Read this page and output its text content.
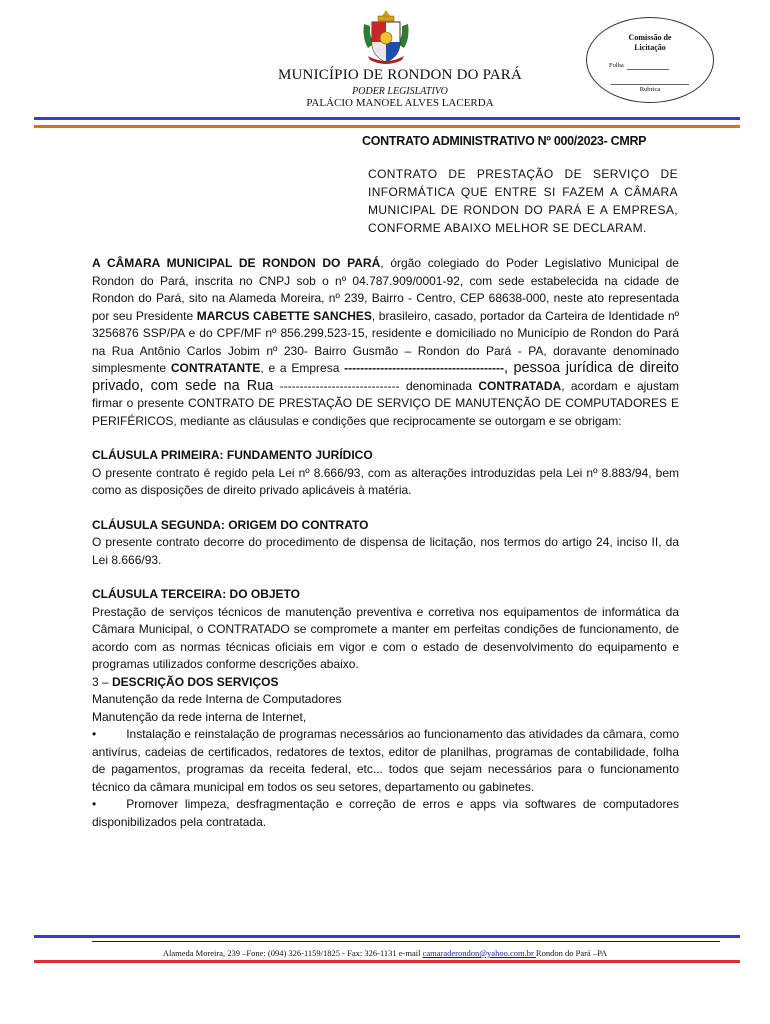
Comissão de
Licitação
Folha
Rubrica
MUNICÍPIO DE RONDON DO PARÁ
PODER LEGISLATIVO
PALÁCIO MANOEL ALVES LACERDA
CONTRATO ADMINISTRATIVO Nº 000/2023- CMRP
CONTRATO DE PRESTAÇÃO DE SERVIÇO DE INFORMÁTICA QUE ENTRE SI FAZEM A CÂMARA MUNICIPAL DE RONDON DO PARÁ E A EMPRESA, CONFORME ABAIXO MELHOR SE DECLARAM.

A CÂMARA MUNICIPAL DE RONDON DO PARÁ, órgão colegiado do Poder Legislativo Municipal de Rondon do Pará, inscrita no CNPJ sob o nº 04.787.909/0001-92, com sede estabelecida na cidade de Rondon do Pará, sito na Alameda Moreira, nº 239, Bairro - Centro, CEP 68638-000, neste ato representada por seu Presidente MARCUS CABETTE SANCHES, brasileiro, casado, portador da Carteira de Identidade nº 3256876 SSP/PA e do CPF/MF nº 856.299.523-15, residente e domiciliado no Município de Rondon do Pará na Rua Antônio Carlos Jobim nº 230- Bairro Gusmão – Rondon do Pará - PA, doravante denominado simplesmente CONTRATANTE, e a Empresa ----------------------------------------, pessoa jurídica de direito privado, com sede na Rua ------------------------------ denominada CONTRATADA, acordam e ajustam firmar o presente CONTRATO DE PRESTAÇÃO DE SERVIÇO DE MANUTENÇÃO DE COMPUTADORES E PERIFÉRICOS, mediante as cláusulas e condições que reciprocamente se outorgam e se obrigam:

CLÁUSULA PRIMEIRA: FUNDAMENTO JURÍDICO

O presente contrato é regido pela Lei nº 8.666/93, com as alterações introduzidas pela Lei nº 8.883/94, bem como as disposições de direito privado aplicáveis à matéria.

CLÁUSULA SEGUNDA: ORIGEM DO CONTRATO

O presente contrato decorre do procedimento de dispensa de licitação, nos termos do artigo 24, inciso II, da Lei 8.666/93.

CLÁUSULA TERCEIRA: DO OBJETO

Prestação de serviços técnicos de manutenção preventiva e corretiva nos equipamentos de informática da Câmara Municipal, o CONTRATADO se compromete a manter em perfeitas condições de funcionamento, de acordo com as normas técnicas oficiais em vigor e com o estado de desenvolvimento do equipamento e programas utilizados conforme descrições abaixo.

3 – DESCRIÇÃO DOS SERVIÇOS

Manutenção da rede Interna de Computadores

Manutenção da rede interna de Internet,

•	Instalação e reinstalação de programas necessários ao funcionamento das atividades da câmara, como antivírus, cadeias de certificados, redatores de textos, editor de planilhas, programas de contabilidade, folha de pagamentos, programas da receita federal, etc... todos que sejam necessários para o funcionamento técnico da câmara municipal em todos os seu setores, departamento ou gabinetes.

•	Promover limpeza, desfragmentação e correção de erros e apps via softwares de computadores disponibilizados pela contratada.

Alameda Moreira, 239 –Fone: (094) 326-1159/1825 - Fax: 326-1131 e-mail camaraderondon@yahoo.com.br Rondon do Pará –PA
